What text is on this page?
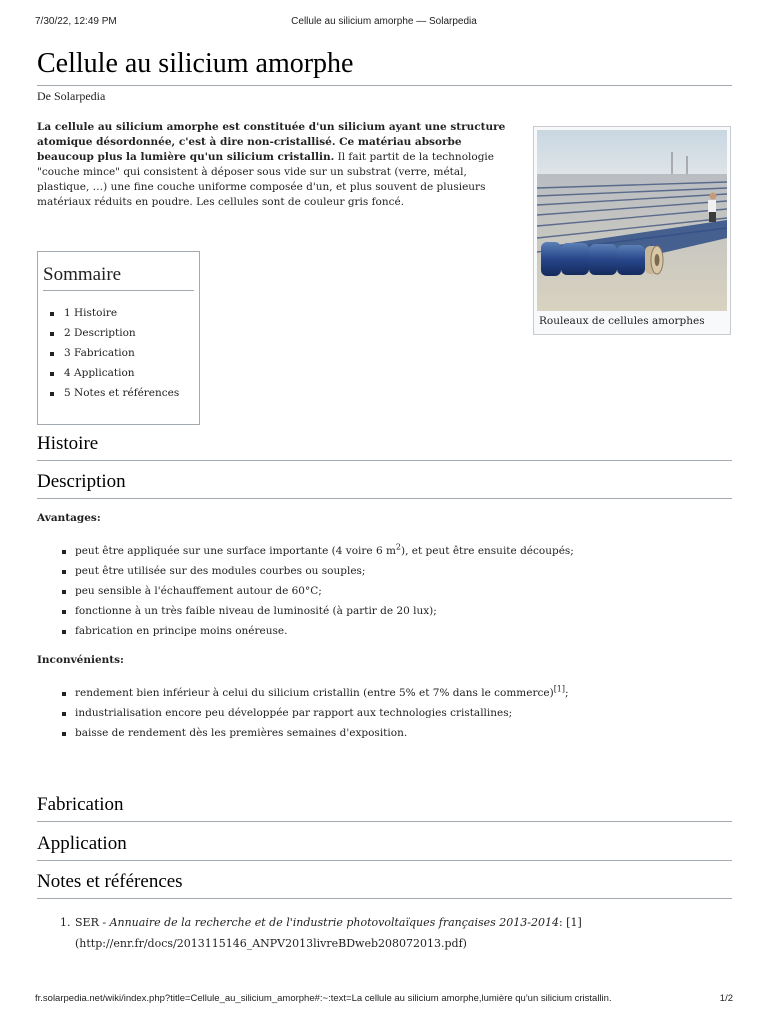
7/30/22, 12:49 PM	Cellule au silicium amorphe — Solarpedia
Cellule au silicium amorphe
De Solarpedia
La cellule au silicium amorphe est constituée d'un silicium ayant une structure atomique désordonnée, c'est à dire non-cristallisé. Ce matériau absorbe beaucoup plus la lumière qu'un silicium cristallin. Il fait partit de la technologie "couche mince" qui consistent à déposer sous vide sur un substrat (verre, métal, plastique, …) une fine couche uniforme composée d'un, et plus souvent de plusieurs matériaux réduits en poudre. Les cellules sont de couleur gris foncé.
Rouleaux de cellules amorphes
Sommaire
1 Histoire
2 Description
3 Fabrication
4 Application
5 Notes et références
Histoire
Description
Avantages:
peut être appliquée sur une surface importante (4 voire 6 $m^2$), et peut être ensuite découpés;
peut être utilisée sur des modules courbes ou souples;
peu sensible à l'échauffement autour de 60°C;
fonctionne à un très faible niveau de luminosité (à partir de 20 lux);
fabrication en principe moins onéreuse.
Inconvénients:
rendement bien inférieur à celui du silicium cristallin (entre 5% et 7% dans le commerce)[1];
industrialisation encore peu développée par rapport aux technologies cristallines;
baisse de rendement dès les premières semaines d'exposition.
Fabrication
Application
Notes et références
1. SER - Annuaire de la recherche et de l'industrie photovoltaïques françaises 2013-2014: [1]
(http://enr.fr/docs/2013115146_ANPV2013livreBDweb208072013.pdf)
fr.solarpedia.net/wiki/index.php?title=Cellule_au_silicium_amorphe#:~:text=La cellule au silicium amorphe,lumière qu'un silicium cristallin.	1/2
